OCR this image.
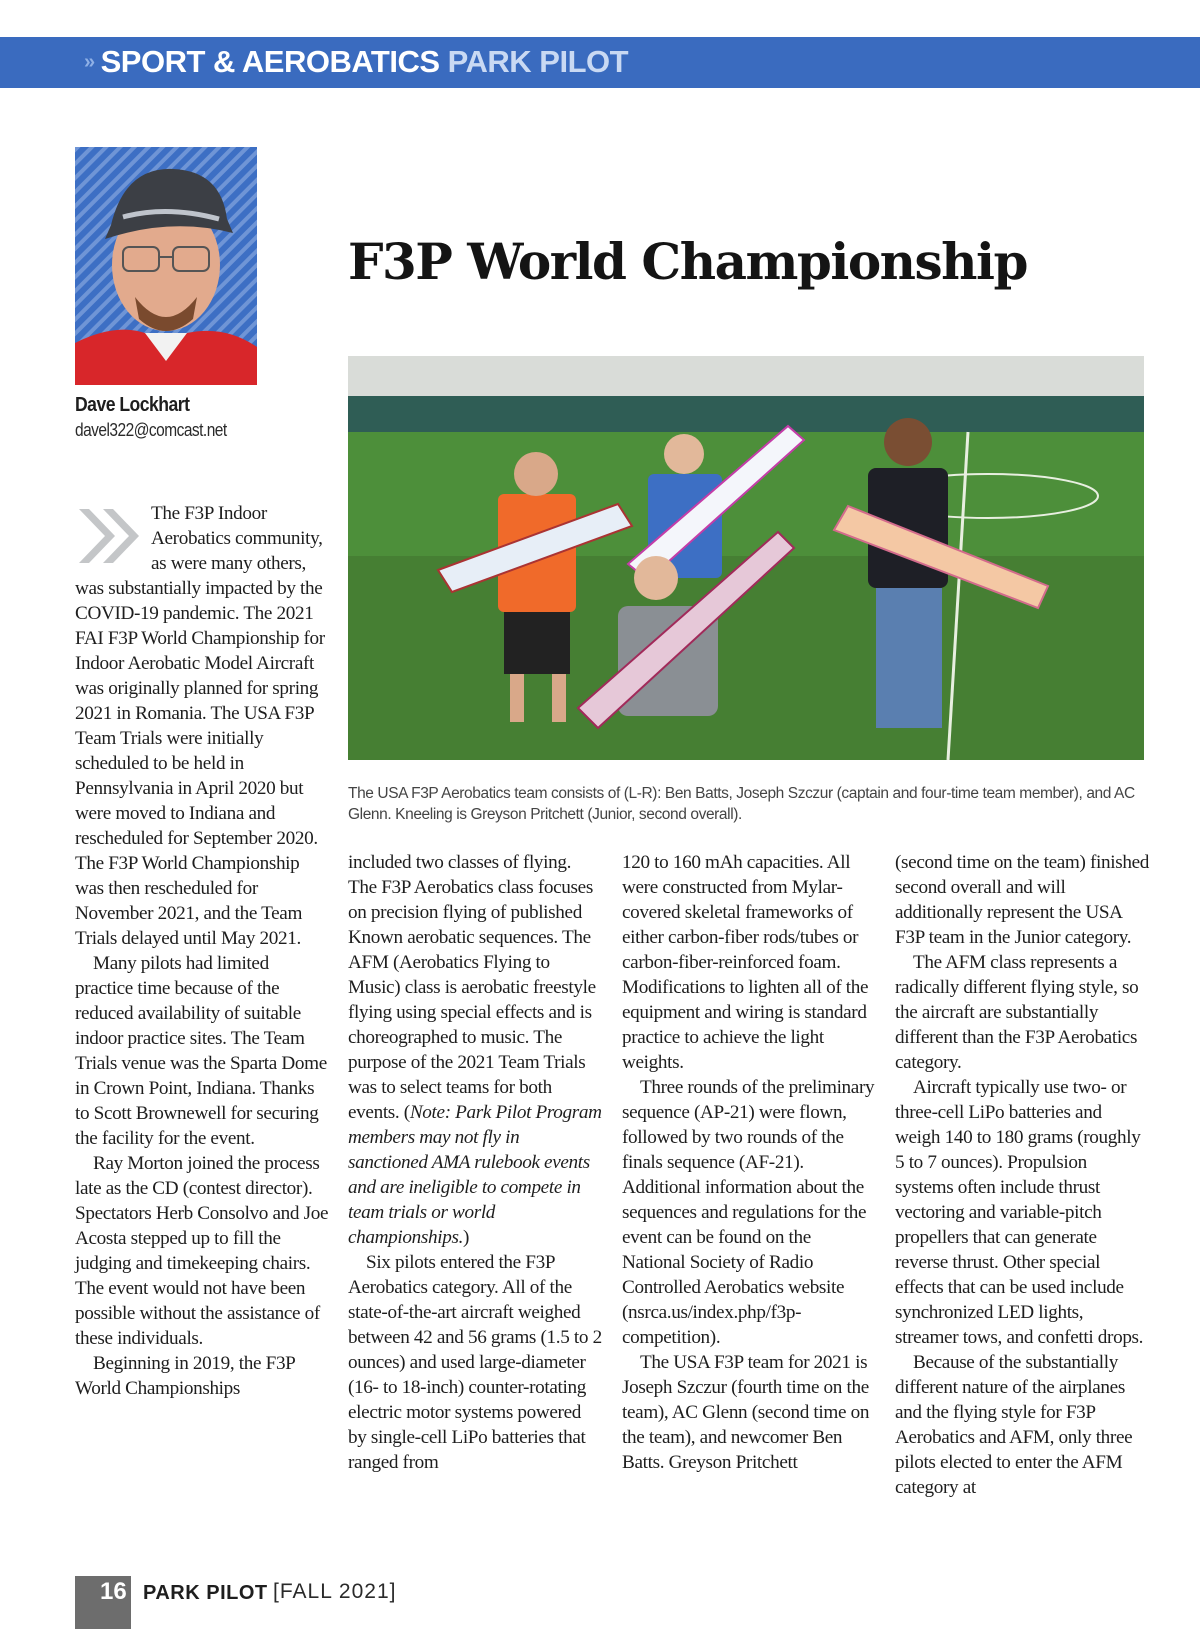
» SPORT & AEROBATICS PARK PILOT
Dave Lockhart
davel322@comcast.net
F3P World Championship

The USA F3P Aerobatics team consists of (L-R): Ben Batts, Joseph Szczur (captain and four-time team member), and AC Glenn. Kneeling is Greyson Pritchett (Junior, second overall).

The F3P Indoor Aerobatics community, as were many others, was substantially impacted by the COVID-19 pandemic. The 2021 FAI F3P World Championship for Indoor Aerobatic Model Aircraft was originally planned for spring 2021 in Romania. The USA F3P Team Trials were initially scheduled to be held in Pennsylvania in April 2020 but were moved to Indiana and rescheduled for September 2020. The F3P World Championship was then rescheduled for November 2021, and the Team Trials delayed until May 2021.

Many pilots had limited practice time because of the reduced availability of suitable indoor practice sites. The Team Trials venue was the Sparta Dome in Crown Point, Indiana. Thanks to Scott Brownewell for securing the facility for the event.

Ray Morton joined the process late as the CD (contest director). Spectators Herb Consolvo and Joe Acosta stepped up to fill the judging and timekeeping chairs. The event would not have been possible without the assistance of these individuals.

Beginning in 2019, the F3P World Championships

included two classes of flying. The F3P Aerobatics class focuses on precision flying of published Known aerobatic sequences. The AFM (Aerobatics Flying to Music) class is aerobatic freestyle flying using special effects and is choreographed to music. The purpose of the 2021 Team Trials was to select teams for both events. (Note: Park Pilot Program members may not fly in sanctioned AMA rulebook events and are ineligible to compete in team trials or world championships.)

Six pilots entered the F3P Aerobatics category. All of the state-of-the-art aircraft weighed between 42 and 56 grams (1.5 to 2 ounces) and used large-diameter (16- to 18-inch) counter-rotating electric motor systems powered by single-cell LiPo batteries that ranged from

120 to 160 mAh capacities. All were constructed from Mylar-covered skeletal frameworks of either carbon-fiber rods/tubes or carbon-fiber-reinforced foam. Modifications to lighten all of the equipment and wiring is standard practice to achieve the light weights.

Three rounds of the preliminary sequence (AP-21) were flown, followed by two rounds of the finals sequence (AF-21). Additional information about the sequences and regulations for the event can be found on the National Society of Radio Controlled Aerobatics website (nsrca.us/index.php/f3p-competition).

The USA F3P team for 2021 is Joseph Szczur (fourth time on the team), AC Glenn (second time on the team), and newcomer Ben Batts. Greyson Pritchett

(second time on the team) finished second overall and will additionally represent the USA F3P team in the Junior category.

The AFM class represents a radically different flying style, so the aircraft are substantially different than the F3P Aerobatics category.

Aircraft typically use two- or three-cell LiPo batteries and weigh 140 to 180 grams (roughly 5 to 7 ounces). Propulsion systems often include thrust vectoring and variable-pitch propellers that can generate reverse thrust. Other special effects that can be used include synchronized LED lights, streamer tows, and confetti drops.

Because of the substantially different nature of the airplanes and the flying style for F3P Aerobatics and AFM, only three pilots elected to enter the AFM category at

16 PARK PILOT [FALL 2021]
